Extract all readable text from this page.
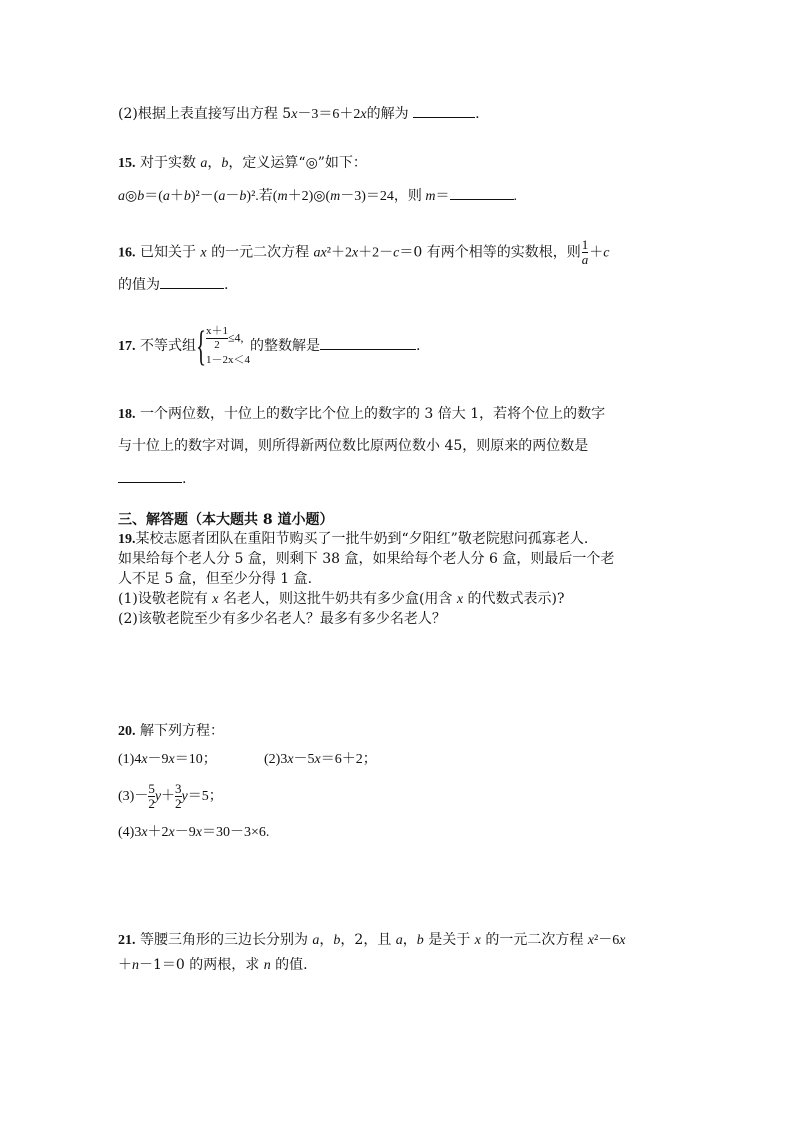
(2)根据上表直接写出方程 5x－3＝6＋2x的解为	.
15. 对于实数 a，b，定义运算“◎”如下：
a◎b＝(a＋b)²－(a－b)².若(m＋2)◎(m－3)＝24，则 m＝	.
16. 已知关于 x 的一元二次方程 ax²＋2x＋2－c＝0 有两个相等的实数根，则 $\frac{1}{a} +c$
的值为	.
17. 不等式组 { $\frac{x+1}{2} \le 4$,
1－2x＜4
的整数解是	.
18. 一个两位数，十位上的数字比个位上的数字的 3 倍大 1，若将个位上的数字
与十位上的数字对调，则所得新两位数比原两位数小 45，则原来的两位数是
.
三、解答题（本大题共 8 道小题）
19.某校志愿者团队在重阳节购买了一批牛奶到“夕阳红”敬老院慰问孤寡老人.
如果给每个老人分 5 盒，则剩下 38 盒，如果给每个老人分 6 盒，则最后一个老
人不足 5 盒，但至少分得 1 盒.
(1)设敬老院有 x 名老人，则这批牛奶共有多少盒(用含 x 的代数式表示)?
(2)该敬老院至少有多少名老人？最多有多少名老人？
20. 解下列方程：
(1)4x－9x＝10；	(2)3x－5x＝6＋2；
$(3)- \frac{5}{2} y+ \frac{3}{2} y=5$；
(4)3x＋2x－9x＝30－3×6.
21. 等腰三角形的三边长分别为 a，b，2，且 a，b 是关于 x 的一元二次方程 x²－6x
＋n－1＝0 的两根，求 n 的值.
